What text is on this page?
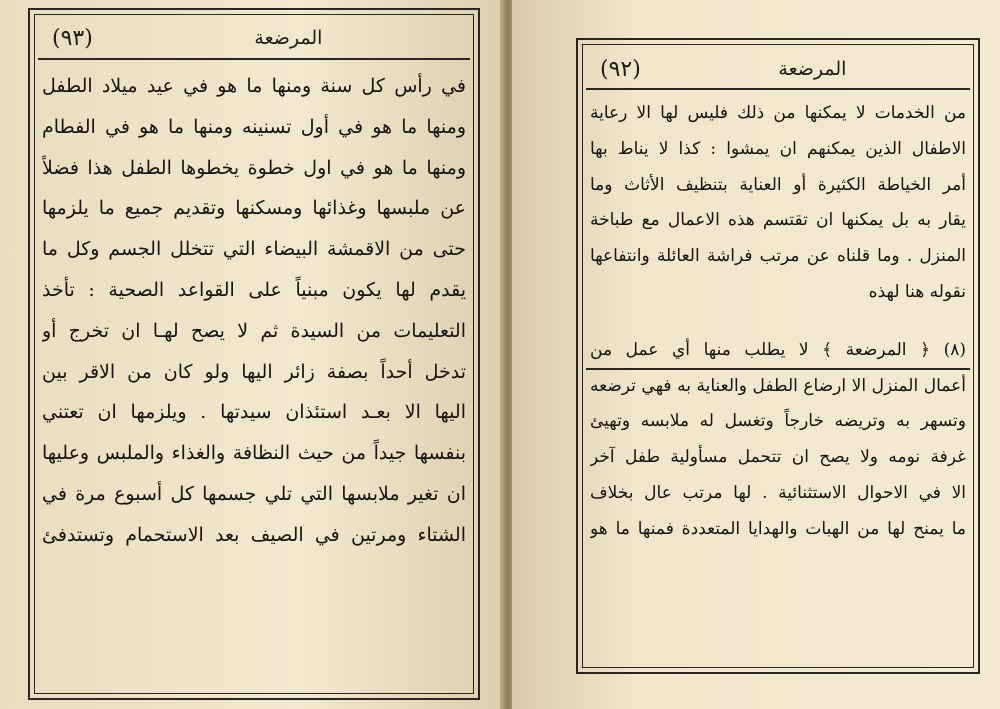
المرضعة
(٩٣)
في رأس كل سنة ومنها ما هو في عيد ميلاد الطفل
ومنها ما هو في أول تسنينه ومنها ما هو في الفطام
ومنها ما هو في اول خطوة يخطوها الطفل هذا فضلاً
عن ملبسها وغذائها ومسكنها وتقديم جميع ما يلزمها
حتى من الاقمشة البيضاء التي تتخلل الجسم وكل ما
يقدم لها يكون مبنياً على القواعد الصحية : تأخذ
التعليمات من السيدة ثم لا يصح لهـا ان تخرج أو
تدخل أحداً بصفة زائر اليها ولو كان من الاقر بين
اليها الا بعـد استئذان سيدتها . ويلزمها ان تعتني
بنفسها جيداً من حيث النظافة والغذاء والملبس وعليها
ان تغير ملابسها التي تلي جسمها كل أسبوع مرة في
الشتاء ومرتين في الصيف بعد الاستحمام وتستدفئ
(٩٢)	المرضعة
من الخدمات لا يمكنها من ذلك فليس لها الا رعاية
الاطفال الذين يمكنهم ان يمشوا : كذا لا يناط بها
أمر الخياطة الكثيرة أو العناية بتنظيف الأثاث وما
يقار به بل يمكنها ان تقتسم هذه الاعمال مع طباخة
المنزل . وما قلناه عن مرتب فراشة العائلة وانتفاعها
نقوله هنا لهذه
(٨) ﴿ المرضعة ﴾ لا يطلب منها أي عمل من
أعمال المنزل الا ارضاع الطفل والعناية به فهي ترضعه
وتسهر به وتريضه خارجاً وتغسل له ملابسه وتهيئ
غرفة نومه ولا يصح ان تتحمل مسأولية طفل آخر
الا في الاحوال الاستثنائية . لها مرتب عال بخلاف
ما يمنح لها من الهبات والهدايا المتعددة فمنها ما هو
